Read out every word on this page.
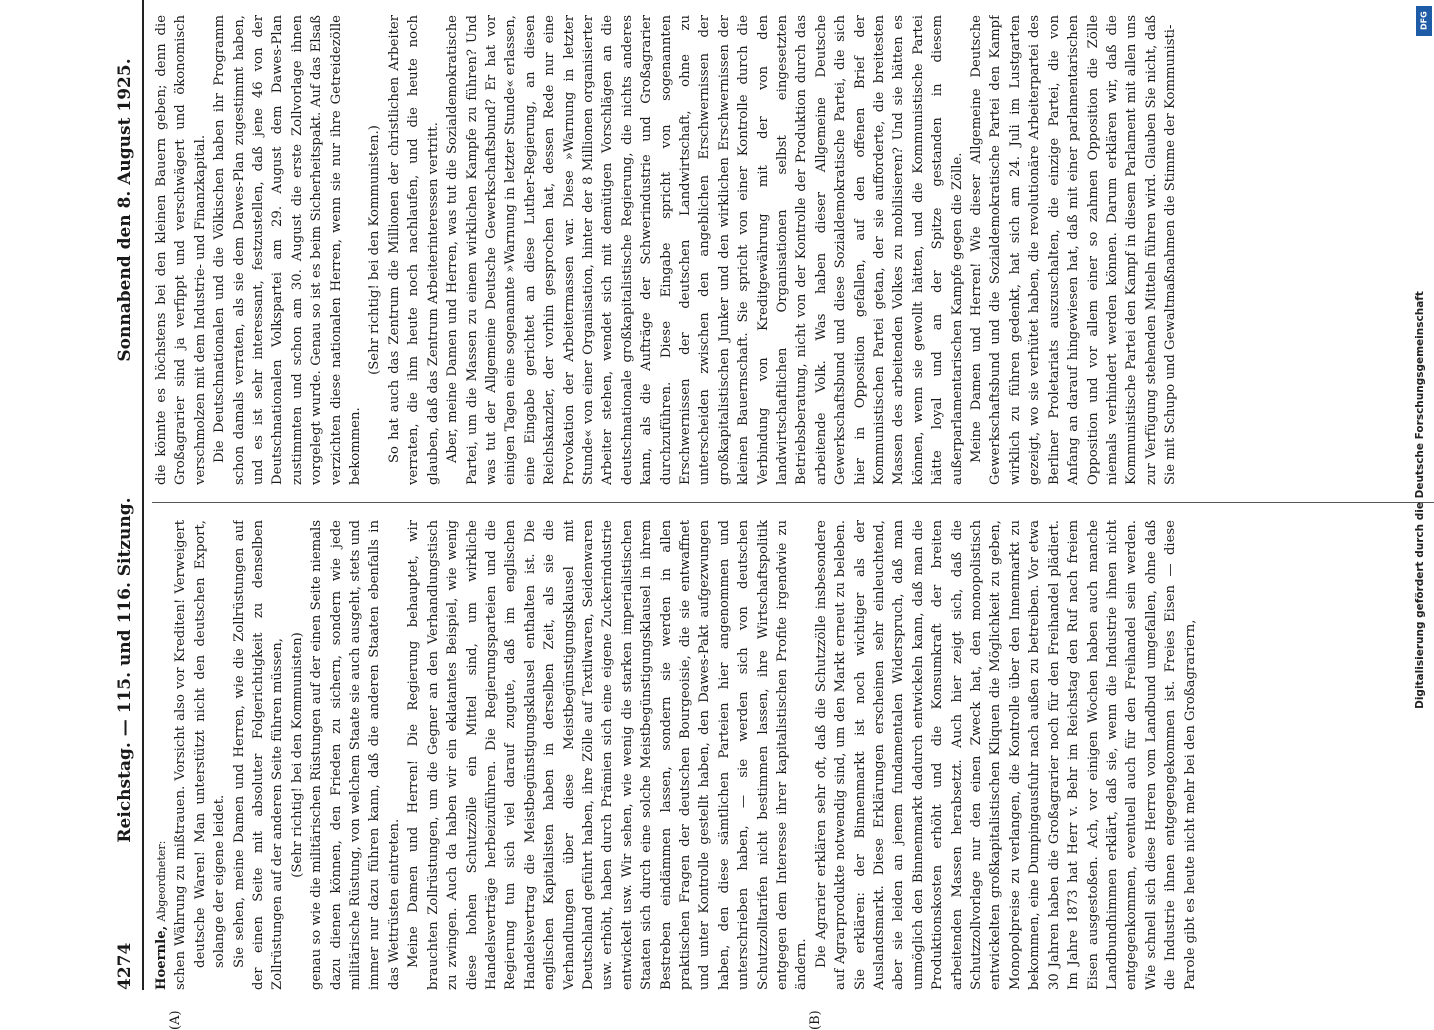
4274
Reichstag. — 115. und 116. Sitzung.
Sonnabend den 8. August 1925.
(A)	(B)

Hoernle, Abgeordneter: schen Währung zu mißtrauen. Vorsicht also vor Krediten! Verweigert deutsche Waren! Man unterstützt nicht den deutschen Export, solange der eigene leidet. Sie sehen, meine Damen und Herren, wie die Zollrüstungen auf der einen Seite mit absoluter Folgerichtigkeit zu denselben Zollrüstungen auf der anderen Seite führen müssen, (Sehr richtig! bei den Kommunisten) genau so wie die militärischen Rüstungen auf der einen Seite niemals dazu dienen können, den Frieden zu sichern, sondern wie jede militärische Rüstung, von welchem Staate sie auch ausgeht, stets und immer nur dazu führen kann, daß die anderen Staaten ebenfalls in das Wettrüsten eintreten. Meine Damen und Herren! Die Regierung behauptet, wir brauchten Zollrüstungen, um die Gegner an den Verhandlungstisch zu zwingen. Auch da haben wir ein eklatantes Beispiel, wie wenig diese hohen Schutzzölle ein Mittel sind, um wirkliche Handelsverträge herbeizuführen. Die Regierungsparteien und die Regierung tun sich viel darauf zugute, daß im englischen Handelsvertrag die Meistbegünstigungsklausel enthalten ist. Die englischen Kapitalisten haben in derselben Zeit, als sie die Verhandlungen über diese Meistbegünstigungsklausel mit Deutschland geführt haben, ihre Zölle auf Textilwaren, Seidenwaren usw. erhöht, haben durch Prämien sich eine eigene Zuckerindustrie entwickelt usw. Wir sehen, wie wenig die starken imperialistischen Staaten sich durch eine solche Meistbegünstigungsklausel in ihrem Bestreben eindämmen lassen, sondern sie werden in allen praktischen Fragen der deutschen Bourgeoisie, die sie entwaffnet und unter Kontrolle gestellt haben, den Dawes-Pakt aufgezwungen haben, den diese sämtlichen Parteien hier angenommen und unterschrieben haben, — sie werden sich von deutschen Schutzzolltarifen nicht bestimmen lassen, ihre Wirtschaftspolitik entgegen dem Interesse ihrer kapitalistischen Profite irgendwie zu ändern. Die Agrarier erklären sehr oft, daß die Schutzzölle insbesondere auf Agrarprodukte notwendig sind, um den Markt erneut zu beleben. Sie erklären: der Binnenmarkt ist noch wichtiger als der Auslandsmarkt. Diese Erklärungen erscheinen sehr einleuchtend, aber sie leiden an jenem fundamentalen Widerspruch, daß man unmöglich den Binnenmarkt dadurch entwickeln kann, daß man die Produktionskosten erhöht und die Konsumkraft der breiten arbeitenden Massen herabsetzt. Auch hier zeigt sich, daß die Schutzzollvorlage nur den einen Zweck hat, den monopolistisch entwickelten großkapitalistischen Kliquen die Möglichkeit zu geben, Monopolpreise zu verlangen, die Kontrolle über den Innenmarkt zu bekommen, eine Dumpingausfuhr nach außen zu betreiben. Vor etwa 30 Jahren haben die Großagrarier noch für den Freihandel plädiert. Im Jahre 1873 hat Herr v. Behr im Reichstag den Ruf nach freiem Eisen ausgestoßen. Ach, vor einigen Wochen haben auch manche Landbundhimmen erklärt, daß sie, wenn die Industrie ihnen nicht entgegenkommen, eventuell auch für den Freihandel sein werden. Wie schnell sich diese Herren vom Landbund umgefallen, ohne daß die Industrie ihnen entgegengekommen ist. Freies Eisen — diese Parole gibt es heute nicht mehr bei den Großagrariern,

die könnte es höchstens bei den kleinen Bauern geben; denn die Großagrarier sind ja verfippt und verschwägert und ökonomisch verschmolzen mit dem Industrie- und Finanzkapital. Die Deutschnationalen und die Völkischen haben ihr Programm schon damals verraten, als sie dem Dawes-Plan zugestimmt haben, und es ist sehr interessant, festzustellen, daß jene 46 von der Deutschnationalen Volkspartei am 29. August dem Dawes-Plan zustimmten und schon am 30. August die erste Zollvorlage ihnen vorgelegt wurde. Genau so ist es beim Sicherheitspakt. Auf das Elsaß verzichten diese nationalen Herren, wenn sie nur ihre Getreidezölle bekommen.

(Sehr richtig! bei den Kommunisten.) So hat auch das Zentrum die Millionen der christlichen Arbeiter verraten, die ihm heute noch nachlaufen, und die heute noch glauben, daß das Zentrum Arbeiterinteressen vertritt. Aber, meine Damen und Herren, was tut die Sozialdemokratische Partei, um die Massen zu einem wirklichen Kampfe zu führen? Und was tut der Allgemeine Deutsche Gewerkschaftsbund? Er hat vor einigen Tagen eine sogenannte »Warnung in letzter Stunde« erlassen, eine Eingabe gerichtet an diese Luther-Regierung, an diesen Reichskanzler, der vorhin gesprochen hat, dessen Rede nur eine Provokation der Arbeitermassen war. Diese »Warnung in letzter Stunde« von einer Organisation, hinter der 8 Millionen organisierter Arbeiter stehen, wendet sich mit demütigen Vorschlägen an die deutschnationale großkapitalistische Regierung, die nichts anderes kann, als die Aufträge der Schwerindustrie und Großagrarier durchzuführen. Diese Eingabe spricht von sogenannten Erschwernissen der deutschen Landwirtschaft, ohne zu unterscheiden zwischen den angeblichen Erschwernissen der großkapitalistischen Junker und den wirklichen Erschwernissen der kleinen Bauernschaft. Sie spricht von einer Kontrolle durch die Verbindung von Kreditgewährung mit der von den landwirtschaftlichen Organisationen selbst eingesetzten Betriebsberatung, nicht von der Kontrolle der Produktion durch das arbeitende Volk. Was haben dieser Allgemeine Deutsche Gewerkschaftsbund und diese Sozialdemokratische Partei, die sich hier in Opposition gefallen, auf den offenen Brief der Kommunistischen Partei getan, der sie aufforderte, die breitesten Massen des arbeitenden Volkes zu mobilisieren? Und sie hätten es können, wenn sie gewollt hätten, und die Kommunistische Partei hätte loyal und an der Spitze gestanden in diesem außerparlamentarischen Kampfe gegen die Zölle. Meine Damen und Herren! Wie dieser Allgemeine Deutsche Gewerkschaftsbund und die Sozialdemokratische Partei den Kampf wirklich zu führen gedenkt, hat sich am 24. Juli im Lustgarten gezeigt, wo sie verhütet haben, die revolutionäre Arbeiterpartei des Berliner Proletariats auszuschalten, die einzige Partei, die von Anfang an darauf hingewiesen hat, daß mit einer parlamentarischen Opposition und vor allem einer so zahmen Opposition die Zölle niemals verhindert werden können. Darum erklären wir, daß die Kommunistische Partei den Kampf in diesem Parlament mit allen uns zur Verfügung stehenden Mitteln führen wird. Glauben Sie nicht, daß Sie mit Schupo und Gewaltmaßnahmen die Stimme der Kommunisti-

Digitalisierung gefördert durch die Deutsche Forschungsgemeinschaft
DFG
